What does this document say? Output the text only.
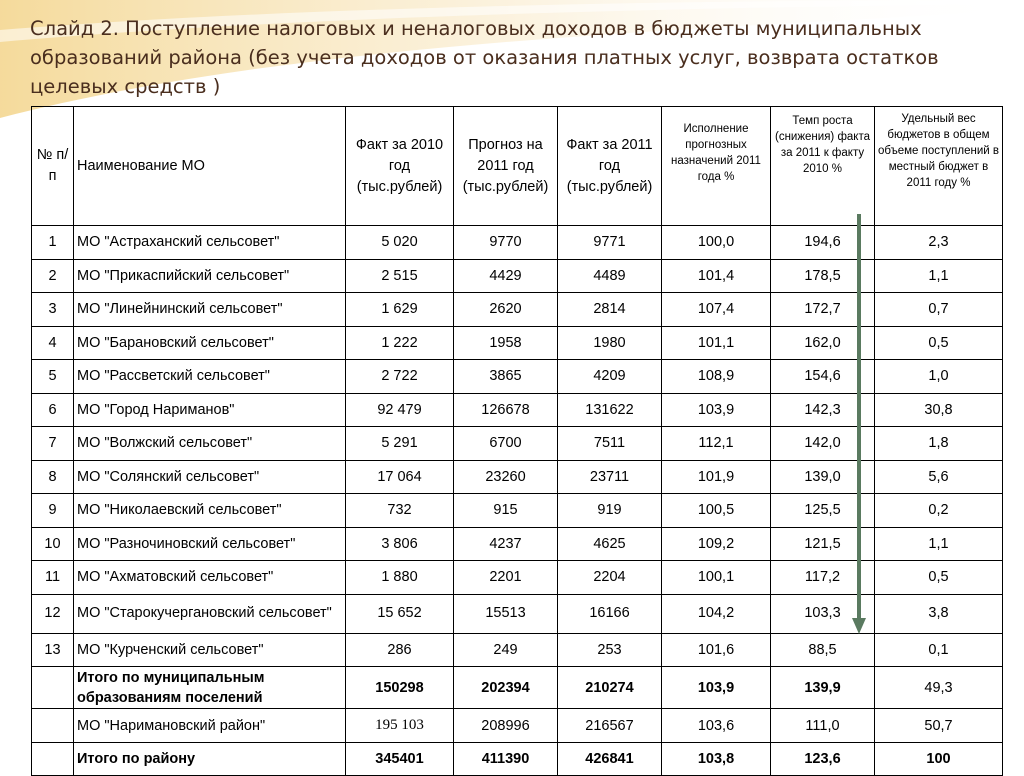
Слайд 2. Поступление налоговых и неналоговых доходов в бюджеты муниципальных образований района (без учета доходов от оказания платных услуг, возврата остатков целевых средств )
№ п/п	Наименование МО	Факт за 2010 год (тыс.рублей)	Прогноз на 2011 год (тыс.рублей)	Факт за 2011 год (тыс.рублей)	Исполнение прогнозных назначений 2011 года %	Темп роста (снижения) факта за 2011 к факту 2010 %	Удельный вес бюджетов в общем объеме поступлений в местный бюджет в 2011 году %
1	МО "Астраханский сельсовет"	5 020	9770	9771	100,0	194,6	2,3
2	МО "Прикаспийский сельсовет"	2 515	4429	4489	101,4	178,5	1,1
3	МО "Линейнинский сельсовет"	1 629	2620	2814	107,4	172,7	0,7
4	МО "Барановский сельсовет"	1 222	1958	1980	101,1	162,0	0,5
5	МО "Рассветский сельсовет"	2 722	3865	4209	108,9	154,6	1,0
6	МО "Город Нариманов"	92 479	126678	131622	103,9	142,3	30,8
7	МО "Волжский сельсовет"	5 291	6700	7511	112,1	142,0	1,8
8	МО "Солянский сельсовет"	17 064	23260	23711	101,9	139,0	5,6
9	МО "Николаевский сельсовет"	732	915	919	100,5	125,5	0,2
10	МО "Разночиновский сельсовет"	3 806	4237	4625	109,2	121,5	1,1
11	МО "Ахматовский сельсовет"	1 880	2201	2204	100,1	117,2	0,5
12	МО "Старокучергановский сельсовет"	15 652	15513	16166	104,2	103,3	3,8
13	МО "Курченский сельсовет"	286	249	253	101,6	88,5	0,1
	Итого по муниципальным образованиям поселений	150298	202394	210274	103,9	139,9	49,3
	МО "Наримановский район"	195 103	208996	216567	103,6	111,0	50,7
	Итого по району	345401	411390	426841	103,8	123,6	100
